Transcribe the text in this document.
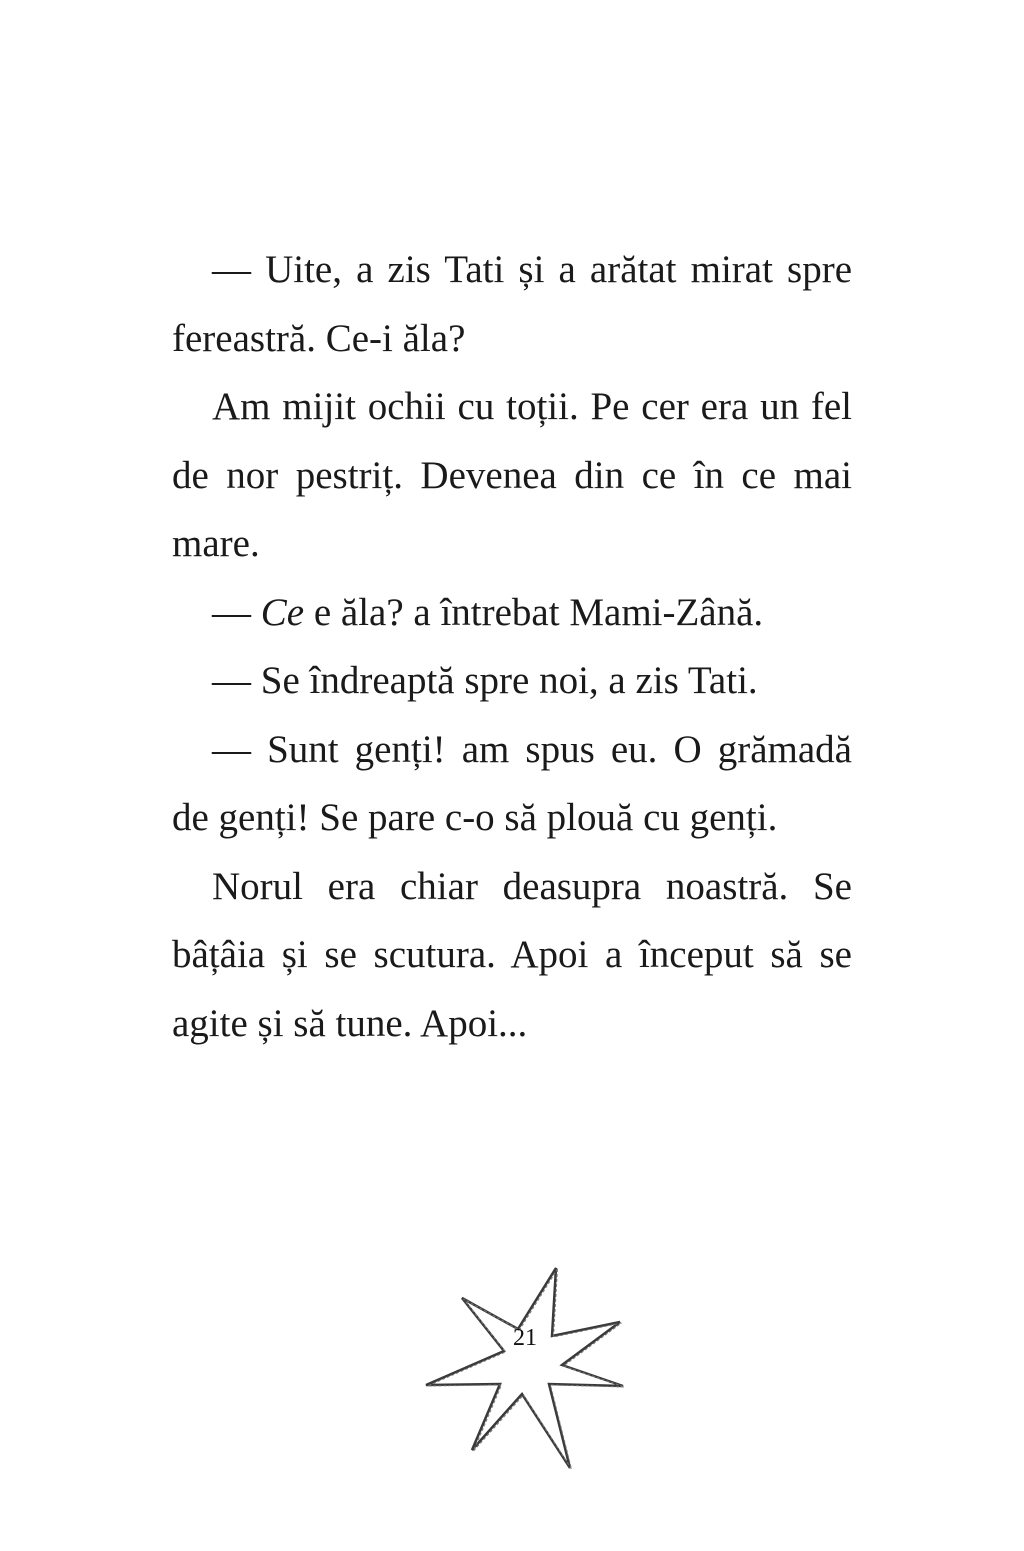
— Uite, a zis Tati și a arătat mirat spre fereastră. Ce-i ăla?

Am mijit ochii cu toții. Pe cer era un fel de nor pestriț. Devenea din ce în ce mai mare.

— Ce e ăla? a întrebat Mami-Zână.

— Se îndreaptă spre noi, a zis Tati.

— Sunt genți! am spus eu. O grămadă de genți! Se pare c-o să plouă cu genți.

Norul era chiar deasupra noastră. Se bâțâia și se scutura. Apoi a început să se agite și să tune. Apoi...

21
